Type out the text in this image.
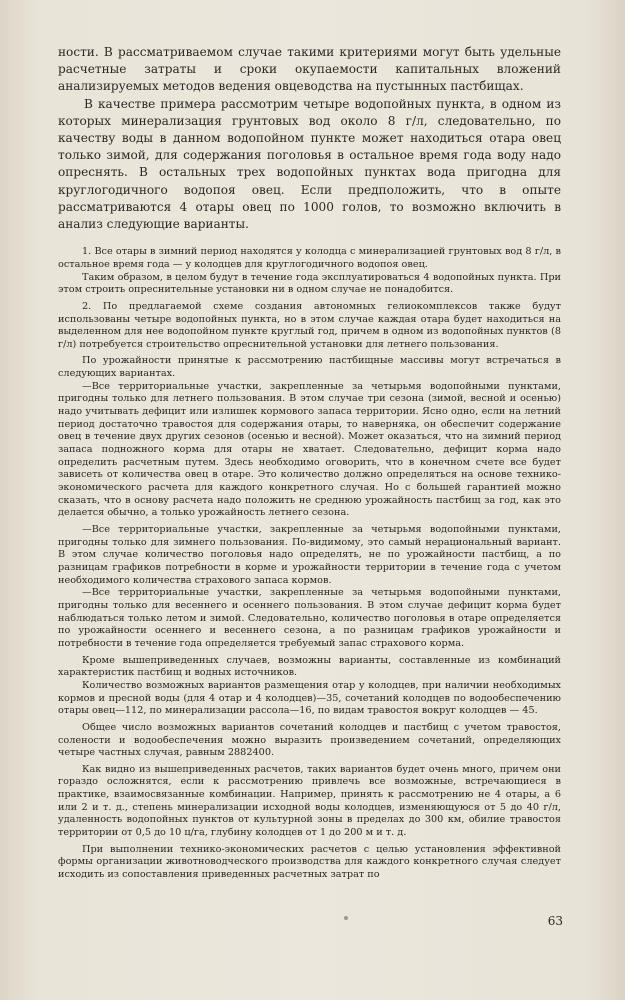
ности. В рассматриваемом случае такими критериями могут быть удельные расчетные затраты и сроки окупаемости капитальных вложений анализируемых методов ведения овцеводства на пустынных пастбищах.

В качестве примера рассмотрим четыре водопойных пункта, в одном из которых минерализация грунтовых вод около 8 г/л, следовательно, по качеству воды в данном водопойном пункте может находиться отара овец только зимой, для содержания поголовья в остальное время года воду надо опреснять. В остальных трех водопойных пунктах вода пригодна для круглогодичного водопоя овец. Если предположить, что в опыте рассматриваются 4 отары овец по 1000 голов, то возможно включить в анализ следующие варианты.

1. Все отары в зимний период находятся у колодца с минерализацией грунтовых вод 8 г/л, в остальное время года — у колодцев для круглогодичного водопоя овец.

Таким образом, в целом будут в течение года эксплуатироваться 4 водопойных пункта. При этом строить опреснительные установки ни в одном случае не понадобится.

2. По предлагаемой схеме создания автономных гелиокомплексов также будут использованы четыре водопойных пункта, но в этом случае каждая отара будет находиться на выделенном для нее водопойном пункте круглый год, причем в одном из водопойных пунктов (8 г/л) потребуется строительство опреснительной установки для летнего пользования.

По урожайности принятые к рассмотрению пастбищные массивы могут встречаться в следующих вариантах.

—Все территориальные участки, закрепленные за четырьмя водопойными пунктами, пригодны только для летнего пользования. В этом случае три сезона (зимой, весной и осенью) надо учитывать дефицит или излишек кормового запаса территории. Ясно одно, если на летний период достаточно травостоя для содержания отары, то наверняка, он обеспечит содержание овец в течение двух других сезонов (осенью и весной). Может оказаться, что на зимний период запаса подножного корма для отары не хватает. Следовательно, дефицит корма надо определить расчетным путем. Здесь необходимо оговорить, что в конечном счете все будет зависеть от количества овец в отаре. Это количество должно определяться на основе технико-экономического расчета для каждого конкретного случая. Но с большей гарантией можно сказать, что в основу расчета надо положить не среднюю урожайность пастбищ за год, как это делается обычно, а только урожайность летнего сезона.

—Все территориальные участки, закрепленные за четырьмя водопойными пунктами, пригодны только для зимнего пользования. По-видимому, это самый нерациональный вариант. В этом случае количество поголовья надо определять, не по урожайности пастбищ, а по разницам графиков потребности в корме и урожайности территории в течение года с учетом необходимого количества страхового запаса кормов.

—Все территориальные участки, закрепленные за четырьмя водопойными пунктами, пригодны только для весеннего и осеннего пользования. В этом случае дефицит корма будет наблюдаться только летом и зимой. Следовательно, количество поголовья в отаре определяется по урожайности осеннего и весеннего сезона, а по разницам графиков урожайности и потребности в течение года определяется требуемый запас страхового корма.

Кроме вышеприведенных случаев, возможны варианты, составленные из комбинаций характеристик пастбищ и водных источников.

Количество возможных вариантов размещения отар у колодцев, при наличии необходимых кормов и пресной воды (для 4 отар и 4 колодцев)—35, сочетаний колодцев по водообеспечению отары овец—112, по минерализации рассола—16, по видам травостоя вокруг колодцев — 45.

Общее число возможных вариантов сочетаний колодцев и пастбищ с учетом травостоя, солености и водообеспечения можно выразить произведением сочетаний, определяющих четыре частных случая, равным 2882400.

Как видно из вышеприведенных расчетов, таких вариантов будет очень много, причем они гораздо осложнятся, если к рассмотрению привлечь все возможные, встречающиеся в практике, взаимосвязанные комбинации. Например, принять к рассмотрению не 4 отары, а 6 или 2 и т. д., степень минерализации исходной воды колодцев, изменяющуюся от 5 до 40 г/л, удаленность водопойных пунктов от культурной зоны в пределах до 300 км, обилие травостоя территории от 0,5 до 10 ц/га, глубину колодцев от 1 до 200 м и т. д.

При выполнении технико-экономических расчетов с целью установления эффективной формы организации животноводческого производства для каждого конкретного случая следует исходить из сопоставления приведенных расчетных затрат по

63
